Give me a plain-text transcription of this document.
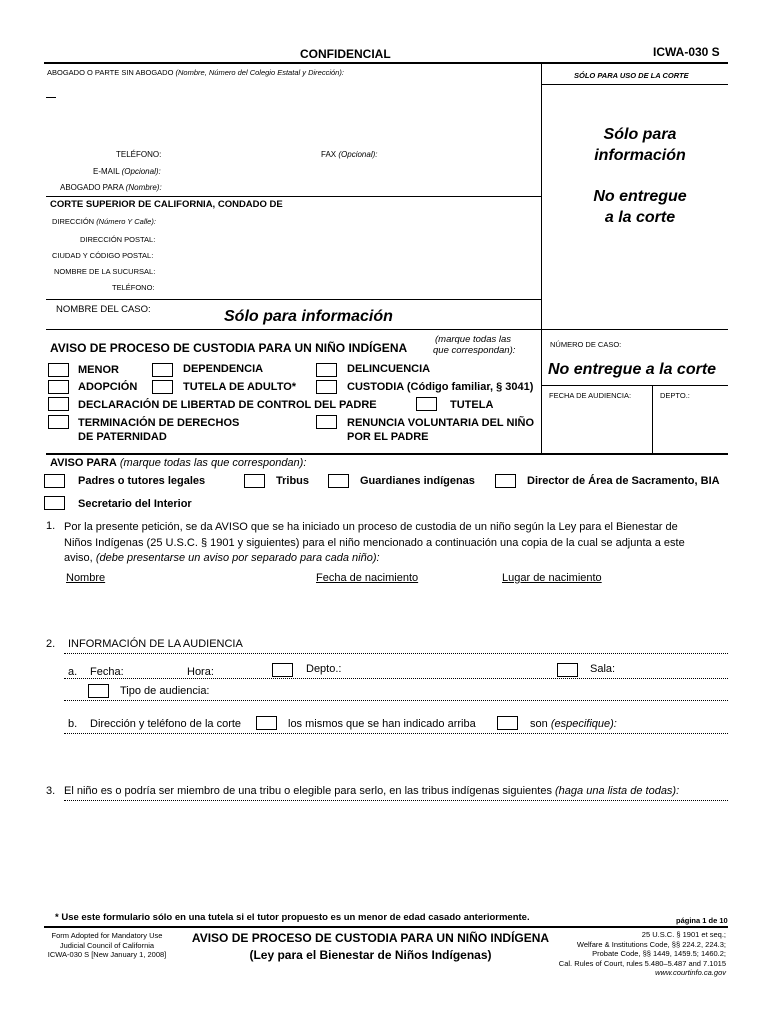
CONFIDENCIAL	ICWA-030 S
ABOGADO O PARTE SIN ABOGADO (Nombre, Número del Colegio Estatal y Dirección):	SÓLO PARA USO DE LA CORTE
TELÉFONO:	FAX (Opcional):
E-MAIL (Opcional):
ABOGADO PARA (Nombre):
Sólo para
información
No entregue
a la corte
CORTE SUPERIOR DE CALIFORNIA, CONDADO DE
DIRECCIÓN (Número Y Calle):
DIRECCIÓN POSTAL:
CIUDAD Y CÓDIGO POSTAL:
NOMBRE DE LA SUCURSAL:
TELÉFONO:
NOMBRE DEL CASO:	Sólo para información
AVISO DE PROCESO DE CUSTODIA PARA UN NIÑO INDÍGENA
(marque todas las
que correspondan):
NÚMERO DE CASO:
No entregue a la corte
FECHA DE AUDIENCIA:	DEPTO.:
MENOR	DEPENDENCIA	DELINCUENCIA
ADOPCIÓN	TUTELA DE ADULTO*	CUSTODIA (Código familiar, § 3041)
DECLARACIÓN DE LIBERTAD DE CONTROL DEL PADRE	TUTELA
TERMINACIÓN DE DERECHOS
DE PATERNIDAD
RENUNCIA VOLUNTARIA DEL NIÑO
POR EL PADRE
AVISO PARA (marque todas las que correspondan):
Padres o tutores legales	Tribus	Guardianes indígenas	Director de Área de Sacramento, BIA
Secretario del Interior
1. Por la presente petición, se da AVISO que se ha iniciado un proceso de custodia de un niño según la Ley para el Bienestar de
Niños Indígenas (25 U.S.C. § 1901 y siguientes) para el niño mencionado a continuación una copia de la cual se adjunta a este
aviso, (debe presentarse un aviso por separado para cada niño):
Nombre	Fecha de nacimiento	Lugar de nacimiento
2. INFORMACIÓN DE LA AUDIENCIA
a. Fecha:	Hora:	Depto.:	Sala:
Tipo de audiencia:
b. Dirección y teléfono de la corte	los mismos que se han indicado arriba	son (especifique):
3. El niño es o podría ser miembro de una tribu o elegible para serlo, en las tribus indígenas siguientes (haga una lista de todas):
* Use este formulario sólo en una tutela si el tutor propuesto es un menor de edad casado anteriormente.	página 1 de 10
Form Adopted for Mandatory Use
Judicial Council of California
ICWA-030 S [New January 1, 2008]
AVISO DE PROCESO DE CUSTODIA PARA UN NIÑO INDÍGENA
(Ley para el Bienestar de Niños Indígenas)
25 U.S.C. § 1901 et seq.;
Welfare & Institutions Code, §§ 224.2, 224.3;
Probate Code, §§ 1449, 1459.5; 1460.2;
Cal. Rules of Court, rules 5.480–5.487 and 7.1015
www.courtinfo.ca.gov
